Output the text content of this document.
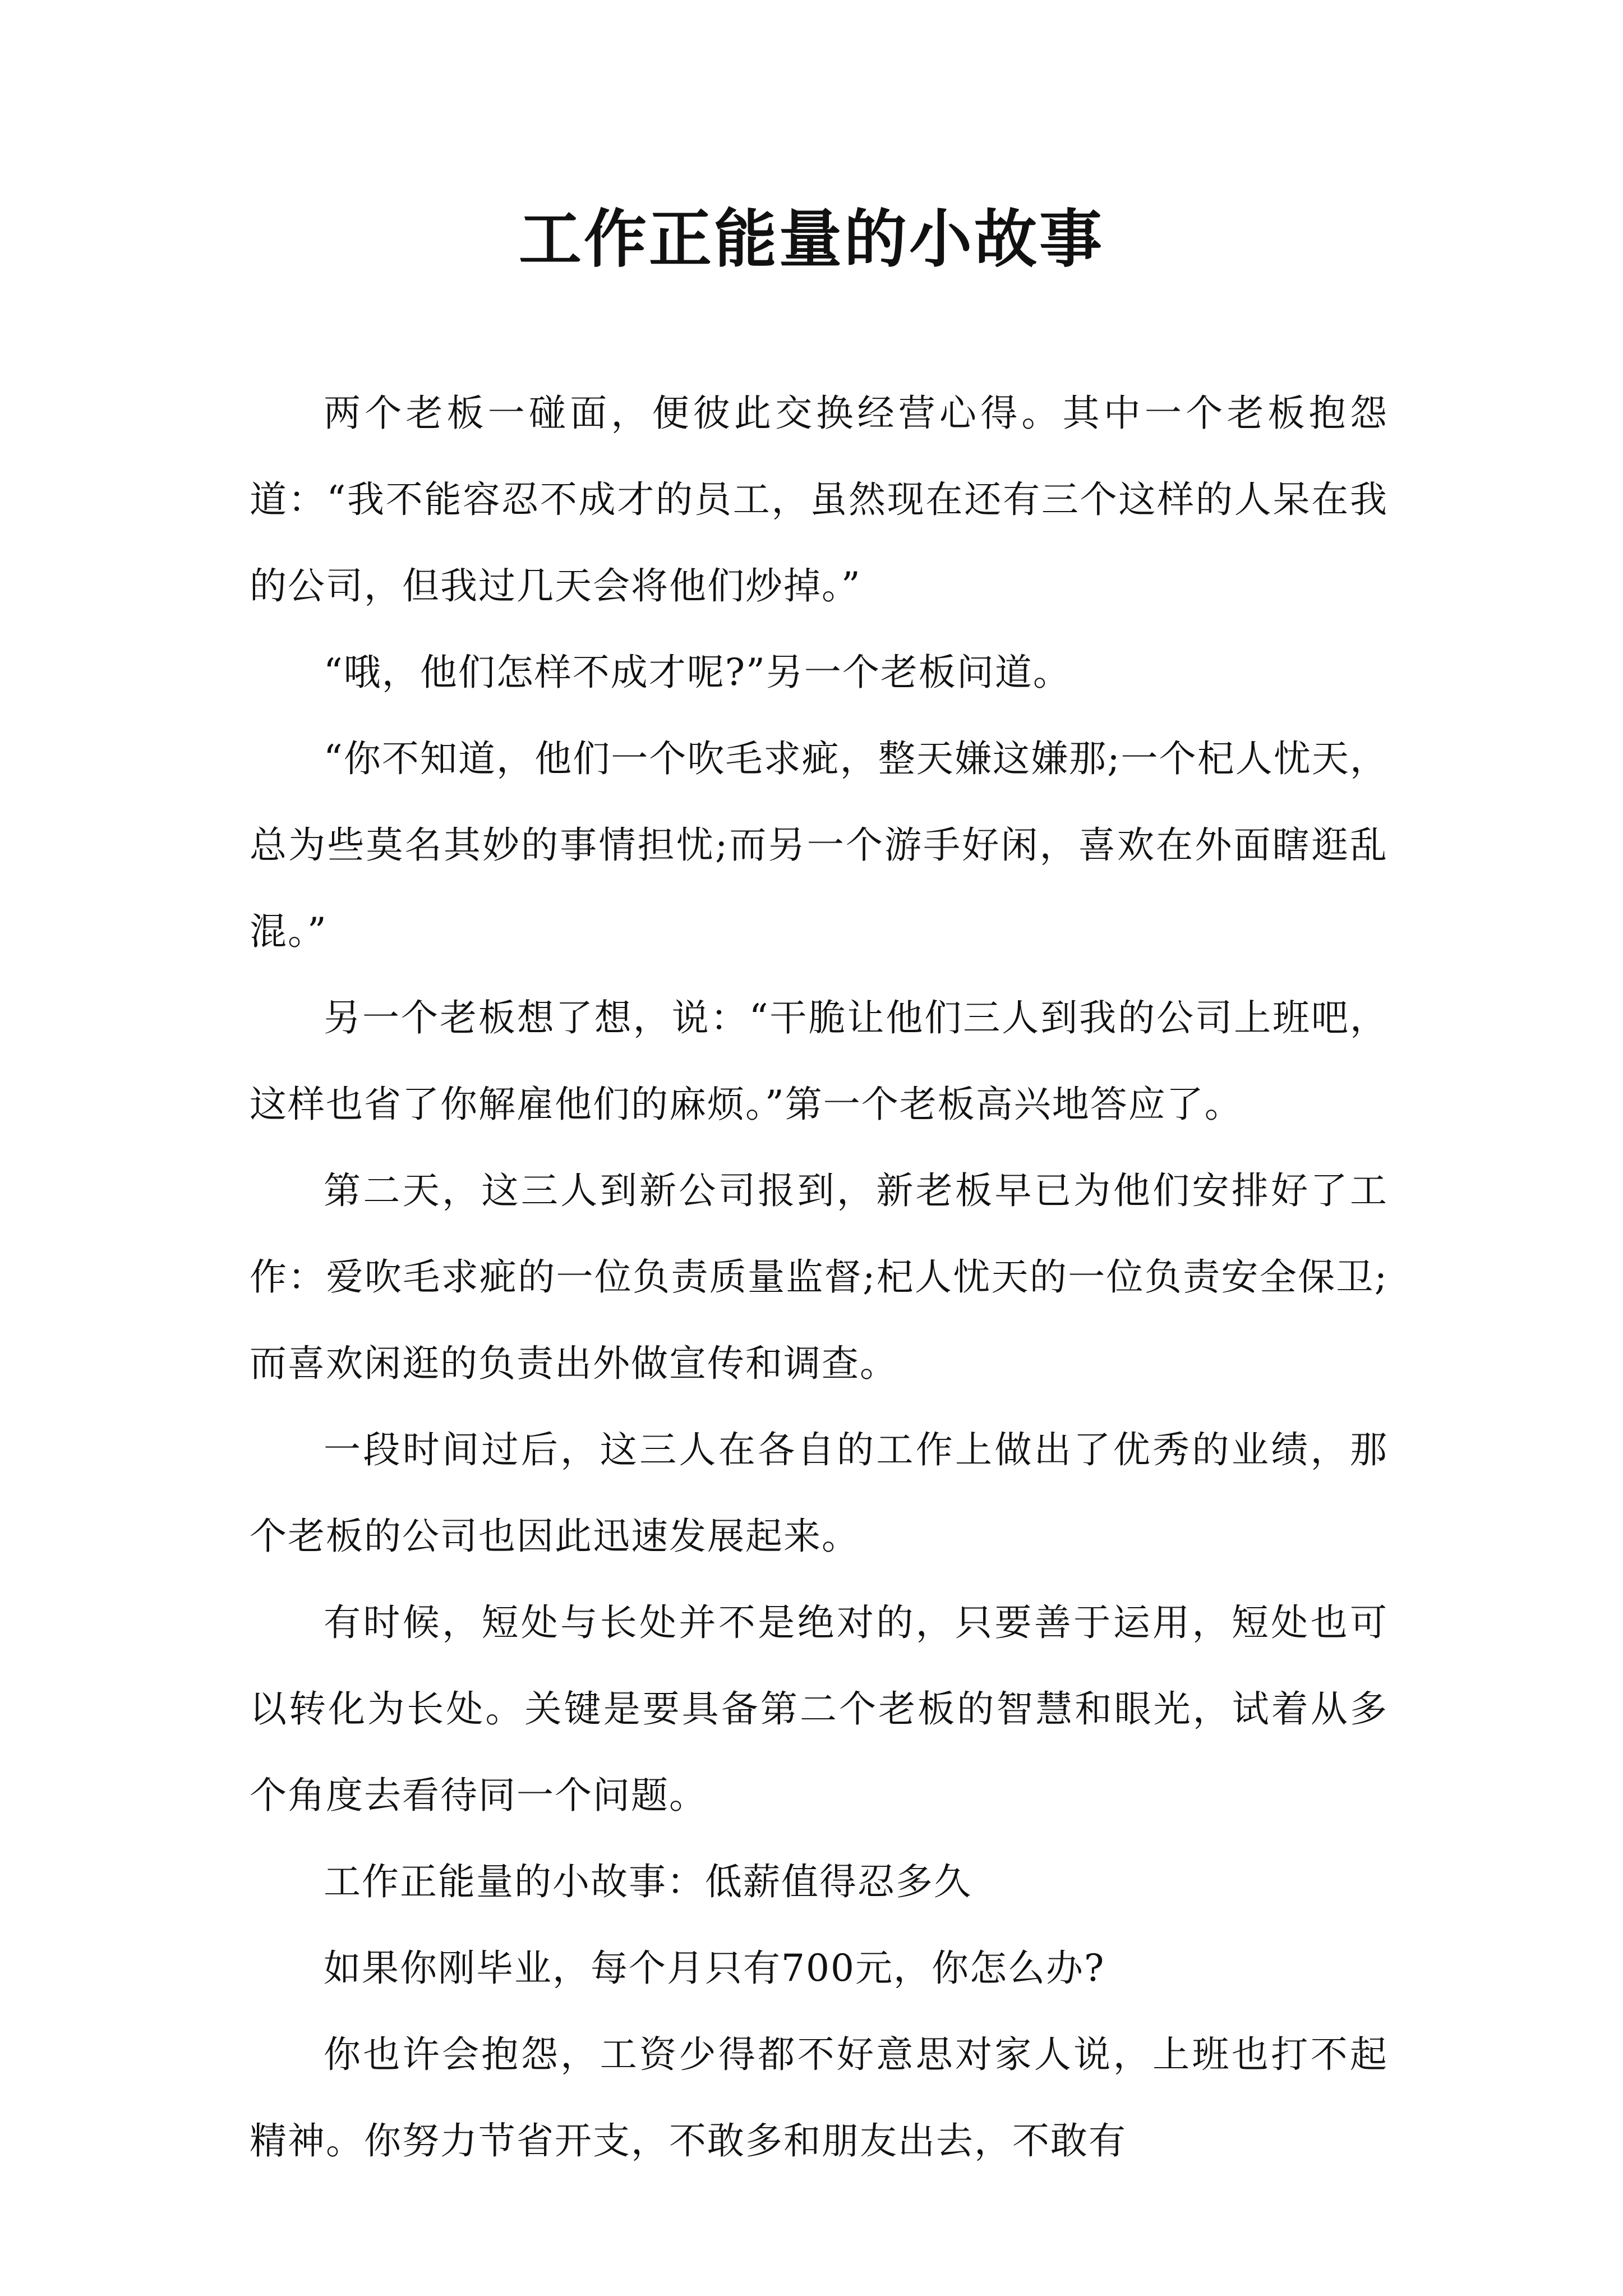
工作正能量的小故事

两个老板一碰面，便彼此交换经营心得。其中一个老板抱怨道：“我不能容忍不成才的员工，虽然现在还有三个这样的人呆在我的公司，但我过几天会将他们炒掉。”

“哦，他们怎样不成才呢?”另一个老板问道。

“你不知道，他们一个吹毛求疵，整天嫌这嫌那;一个杞人忧天，总为些莫名其妙的事情担忧;而另一个游手好闲，喜欢在外面瞎逛乱混。”

另一个老板想了想，说：“干脆让他们三人到我的公司上班吧，这样也省了你解雇他们的麻烦。”第一个老板高兴地答应了。

第二天，这三人到新公司报到，新老板早已为他们安排好了工作：爱吹毛求疵的一位负责质量监督;杞人忧天的一位负责安全保卫;而喜欢闲逛的负责出外做宣传和调查。

一段时间过后，这三人在各自的工作上做出了优秀的业绩，那个老板的公司也因此迅速发展起来。

有时候，短处与长处并不是绝对的，只要善于运用，短处也可以转化为长处。关键是要具备第二个老板的智慧和眼光，试着从多个角度去看待同一个问题。

工作正能量的小故事：低薪值得忍多久

如果你刚毕业，每个月只有700元，你怎么办?

你也许会抱怨，工资少得都不好意思对家人说，上班也打不起精神。你努力节省开支，不敢多和朋友出去，不敢有
